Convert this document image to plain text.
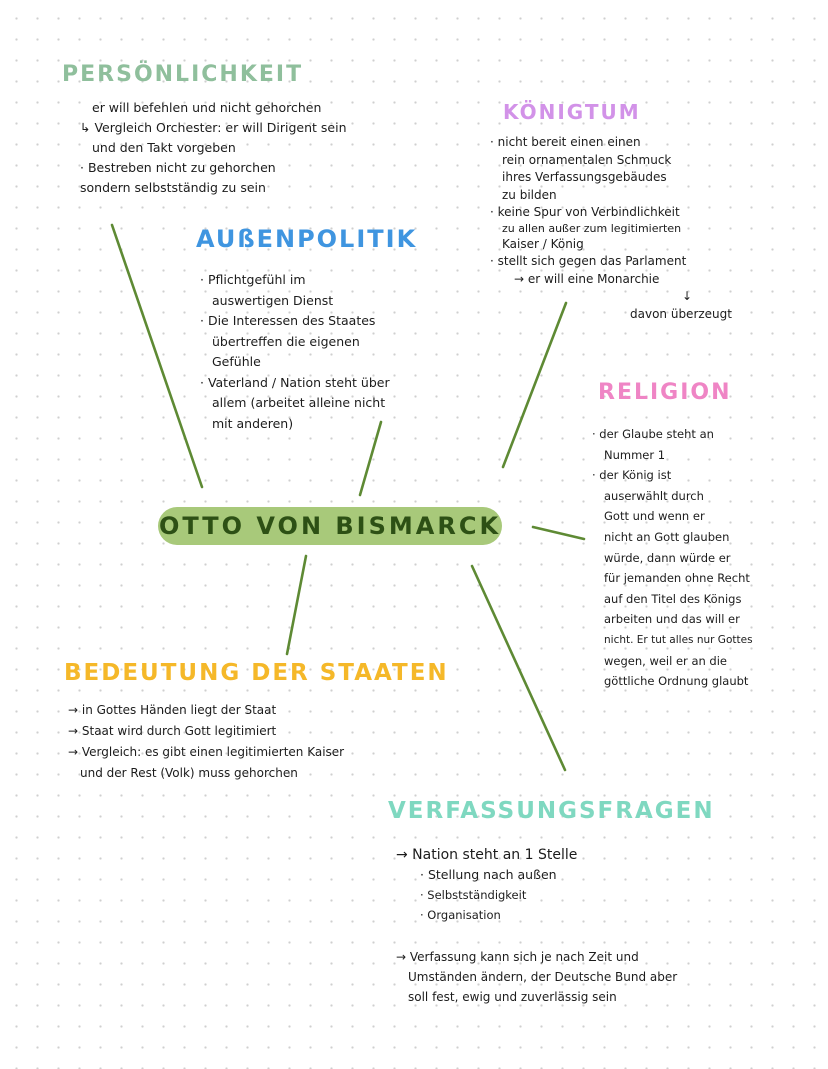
PERSÖNLICHKEIT

er will befehlen und nicht gehorchen

↳ Vergleich Orchester: er will Dirigent sein

und den Takt vorgeben

· Bestreben nicht zu gehorchen

sondern selbstständig zu sein

AUßENPOLITIK

· Pflichtgefühl im

auswertigen Dienst

· Die Interessen des Staates

übertreffen die eigenen

Gefühle

· Vaterland / Nation steht über

allem (arbeitet alleine nicht

mit anderen)

KÖNIGTUM

· nicht bereit einen einen

rein ornamentalen Schmuck

ihres Verfassungsgebäudes

zu bilden

· keine Spur von Verbindlichkeit

zu allen außer zum legitimierten

Kaiser / König

· stellt sich gegen das Parlament

→ er will eine Monarchie

↓

davon überzeugt

RELIGION

· der Glaube steht an

Nummer 1

· der König ist

auserwählt durch

Gott und wenn er

nicht an Gott glauben

würde, dann würde er

für jemanden ohne Recht

auf den Titel des Königs

arbeiten und das will er

nicht. Er tut alles nur Gottes

wegen, weil er an die

göttliche Ordnung glaubt

OTTO VON BISMARCK
BEDEUTUNG DER STAATEN

→ in Gottes Händen liegt der Staat

→ Staat wird durch Gott legitimiert

→ Vergleich: es gibt einen legitimierten Kaiser

und der Rest (Volk) muss gehorchen

VERFASSUNGSFRAGEN

→ Nation steht an 1 Stelle

· Stellung nach außen

· Selbstständigkeit

· Organisation

→ Verfassung kann sich je nach Zeit und

Umständen ändern, der Deutsche Bund aber

soll fest, ewig und zuverlässig sein
